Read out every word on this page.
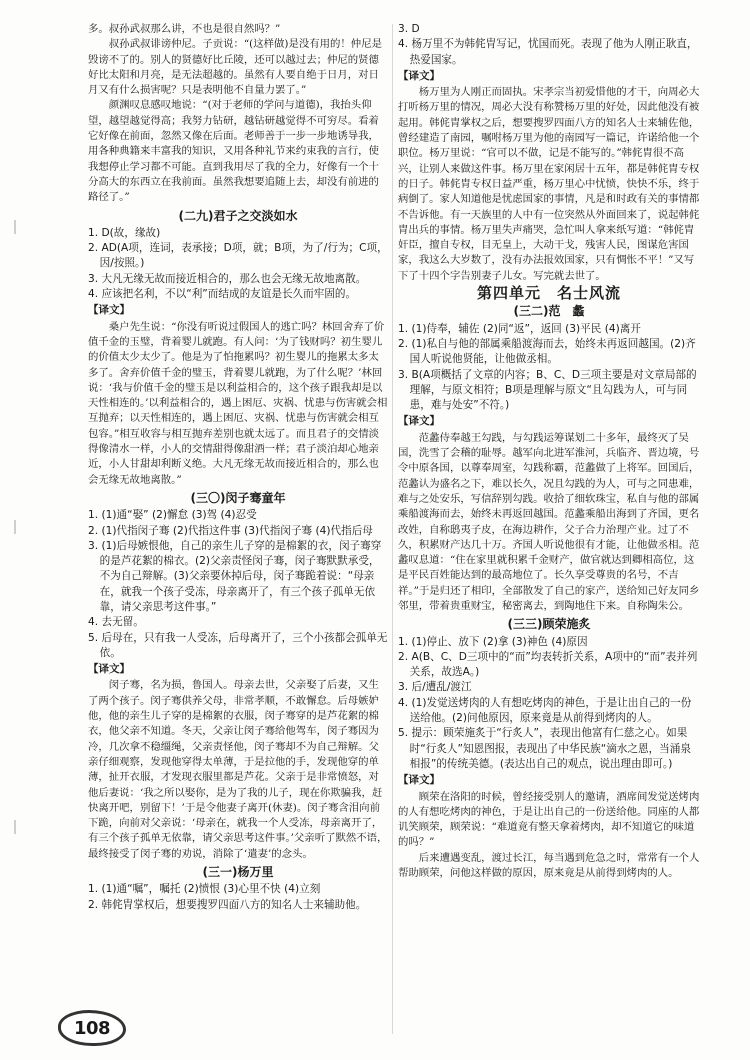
多。叔孙武叔那么讲，不也是很自然吗？”

叔孙武叔诽谤仲尼。子贡说：“(这样做)是没有用的！仲尼是毁谤不了的。别人的贤德好比丘陵，还可以越过去；仲尼的贤德好比太阳和月亮，是无法超越的。虽然有人要自绝于日月，对日月又有什么损害呢？只是表明他不自量力罢了。”

颜渊叹息感叹地说：“(对于老师的学问与道德)，我抬头仰望，越望越觉得高；我努力钻研，越钻研越觉得不可穷尽。看着它好像在前面，忽然又像在后面。老师善于一步一步地诱导我，用各种典籍来丰富我的知识，又用各种礼节来约束我的言行，使我想停止学习都不可能。直到我用尽了我的全力，好像有一个十分高大的东西立在我前面。虽然我想要追随上去，却没有前进的路径了。”

(二九)君子之交淡如水

1. D(故，缘故)

2. AD(A项，连词，表承接；D项，就；B项，为了/行为；C项，因/按照。)

3. 大凡无缘无故而接近相合的，那么也会无缘无故地离散。

4. 应该把名利，不以“利”而结成的友谊是长久而牢固的。

【译文】

桑户先生说：“你没有听说过假国人的逃亡吗？林回舍弃了价值千金的玉璧，背着婴儿就跑。有人问：‘为了钱财吗？初生婴儿的价值太少太少了。他是为了怕拖累吗？初生婴儿的拖累太多太多了。舍弃价值千金的璧玉，背着婴儿就跑，为了什么呢？’林回说：‘我与价值千金的璧玉是以利益相合的，这个孩子跟我却是以天性相连的。’以利益相合的，遇上困厄、灾祸、忧患与伤害就会相互抛弃；以天性相连的，遇上困厄、灾祸、忧患与伤害就会相互包容。”相互收容与相互抛弃差别也就太远了。而且君子的交情淡得像清水一样，小人的交情甜得像甜酒一样；君子淡泊却心地亲近，小人甘甜却利断义绝。大凡无缘无故而接近相合的，那么也会无缘无故地离散。”

(三〇)闵子骞童年

1. (1)通“娶” (2)懈怠 (3)驾 (4)忍受

2. (1)代指闵子骞 (2)代指这件事 (3)代指闵子骞 (4)代指后母

3. (1)后母嫉恨他，自己的亲生儿子穿的是棉絮的衣，闵子骞穿的是芦花絮的棉衣。(2)父亲责怪闵子骞，闵子骞默默承受，不为自己辩解。(3)父亲要休掉后母，闵子骞跪着说：“母亲在，就我一个孩子受冻，母亲离开了，有三个孩子孤单无依靠，请父亲思考这件事。”

4. 去无留。

5. 后母在，只有我一人受冻，后母离开了，三个小孩都会孤单无依。

【译文】

闵子骞，名为损，鲁国人。母亲去世，父亲娶了后妻，又生了两个孩子。闵子骞供养父母，非常孝顺，不敢懈怠。后母嫉妒他，他的亲生儿子穿的是棉絮的衣服，闵子骞穿的是芦花絮的棉衣，他父亲不知道。冬天，父亲让闵子骞给他驾车，闵子骞因为冷，几次拿不稳缰绳，父亲责怪他，闵子骞却不为自己辩解。父亲仔细观察，发现他穿得太单薄，于是拉他的手，发现他穿的单薄，扯开衣服，才发现衣服里都是芦花。父亲于是非常愤怒，对他后妻说：‘我之所以娶你，是为了我的儿子，现在你欺骗我，赶快离开吧，别留下！’于是令他妻子离开(休妻)。闵子骞含泪向前下跪，向前对父亲说：‘母亲在，就我一个人受冻，母亲离开了，有三个孩子孤单无依靠，请父亲思考这件事。’父亲听了默然不语，最终接受了闵子骞的劝说，消除了‘遣妻’的念头。

(三一)杨万里

1. (1)通“嘱”，嘱托 (2)愤恨 (3)心里不快 (4)立刻

2. 韩侂胄掌权后，想要搜罗四面八方的知名人士来辅助他。

3. D

4. 杨万里不为韩侂胄写记，忧国而死。表现了他为人刚正耿直，热爱国家。

【译文】

杨万里为人刚正而固执。宋孝宗当初爱惜他的才干，向周必大打听杨万里的情况，周必大没有称赞杨万里的好处，因此他没有被起用。韩侂胄掌权之后，想要搜罗四面八方的知名人士来辅佐他，曾经建造了南园，嘱咐杨万里为他的南园写一篇记，许诺给他一个职位。杨万里说：“官可以不做，记是不能写的。”韩侂胄很不高兴，让别人来做这件事。杨万里在家闲居十五年，都是韩侂胄专权的日子。韩侂胄专权日益严重，杨万里心中忧愤，快快不乐，终于病倒了。家人知道他是忧虑国家的事情，凡是和时政有关的事情都不告诉他。有一天族里的人中有一位突然从外面回来了，说起韩侂胄出兵的事情。杨万里失声痛哭，急忙叫人拿来纸写道：“韩侂胄奸臣，擅自专权，目无皇上，大动干戈，残害人民，图谋危害国家，我这么大岁数了，没有办法报效国家，只有惆怅不平！”又写下了十四个字告别妻子儿女。写完就去世了。

第四单元　名士风流
(三二)范　蠡

1. (1)侍奉，辅佐 (2)同“返”，返回 (3)平民 (4)离开

2. (1)私自与他的部属乘船渡海而去，始终未再返回越国。(2)齐国人听说他贤能，让他做丞相。

3. B(A项概括了文章的内容；B、C、D三项主要是对文章局部的理解，与原文相符；B项是理解与原文“且勾践为人，可与同患，难与处安”不符。)

【译文】

范蠡侍奉越王勾践，与勾践运筹谋划二十多年，最终灭了吴国，洗雪了会稽的耻辱。越军向北进军淮河，兵临齐、晋边境，号令中原各国，以尊奉周室，勾践称霸，范蠡做了上将军。回国后，范蠡认为盛名之下，难以长久，况且勾践的为人，可与之同患难，难与之处安乐，写信辞别勾践。收拾了细软珠宝，私自与他的部属乘船渡海而去，始终未再返回越国。范蠡乘船出海到了齐国，更名改姓，自称鸱夷子皮，在海边耕作，父子合力治理产业。过了不久，积累财产达几十万。齐国人听说他很有才能，让他做丞相。范蠡叹息道：“住在家里就积累千金财产，做官就达到卿相高位，这是平民百姓能达到的最高地位了。长久享受尊贵的名号，不吉祥。”于是归还了相印，全部散发了自己的家产，送给知己好友同乡邻里，带着贵重财宝，秘密离去，到陶地住下来。自称陶朱公。

(三三)顾荣施炙

1. (1)停止、放下 (2)拿 (3)神色 (4)原因

2. A(B、C、D三项中的“而”均表转折关系，A项中的“而”表并列关系，故选A。)

3. 后/遭乱/渡江

4. (1)发觉送烤肉的人有想吃烤肉的神色，于是让出自己的一份送给他。(2)问他原因，原来竟是从前得到烤肉的人。

5. 提示：顾荣施炙于“行炙人”，表现出他富有仁慈之心。如果时“行炙人”知恩图报，表现出了中华民族“滴水之恩，当涌泉相报”的传统美德。(表达出自己的观点，说出理由即可。)

【译文】

顾荣在洛阳的时候，曾经接受别人的邀请，酒席间发觉送烤肉的人有想吃烤肉的神色，于是让出自己的一份送给他。同座的人都讥笑顾荣，顾荣说：“难道竟有整天拿着烤肉，却不知道它的味道的吗？”

后来遭遇变乱，渡过长江，每当遇到危急之时，常常有一个人帮助顾荣，问他这样做的原因，原来竟是从前得到烤肉的人。

108
